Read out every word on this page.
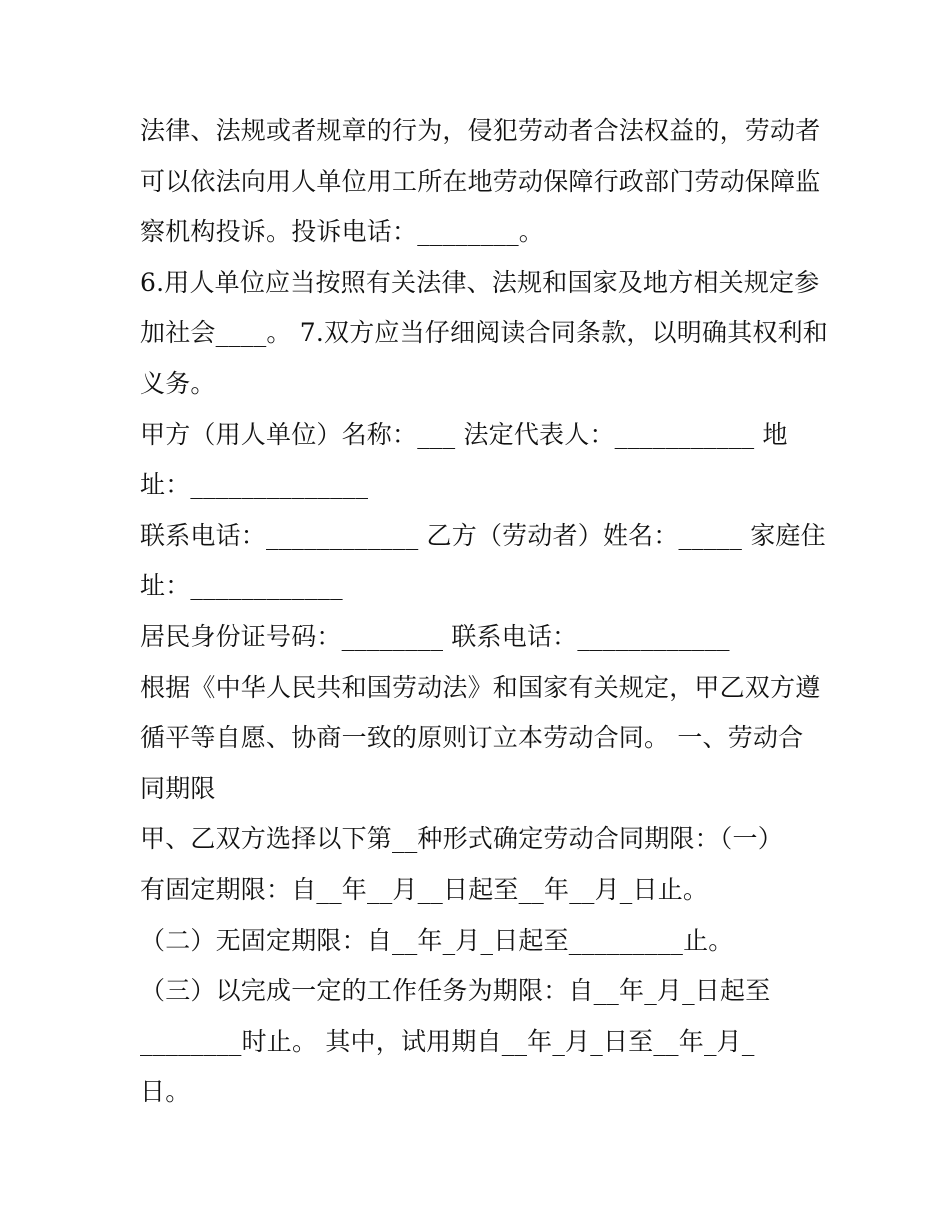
法律、法规或者规章的行为，侵犯劳动者合法权益的，劳动者
可以依法向用人单位用工所在地劳动保障行政部门劳动保障监
察机构投诉。投诉电话：________。
6.用人单位应当按照有关法律、法规和国家及地方相关规定参
加社会____。 7.双方应当仔细阅读合同条款，以明确其权利和
义务。
甲方（用人单位）名称：___ 法定代表人：___________ 地
址：______________
联系电话：____________ 乙方（劳动者）姓名：_____ 家庭住
址：____________
居民身份证号码：________ 联系电话：____________
根据《中华人民共和国劳动法》和国家有关规定，甲乙双方遵
循平等自愿、协商一致的原则订立本劳动合同。 一、劳动合
同期限
甲、乙双方选择以下第__种形式确定劳动合同期限：（一）
有固定期限：自__年__月__日起至__年__月_日止。
（二）无固定期限：自__年_月_日起至_________止。
（三）以完成一定的工作任务为期限：自__年_月_日起至
________时止。 其中，试用期自__年_月_日至__年_月_
日。
